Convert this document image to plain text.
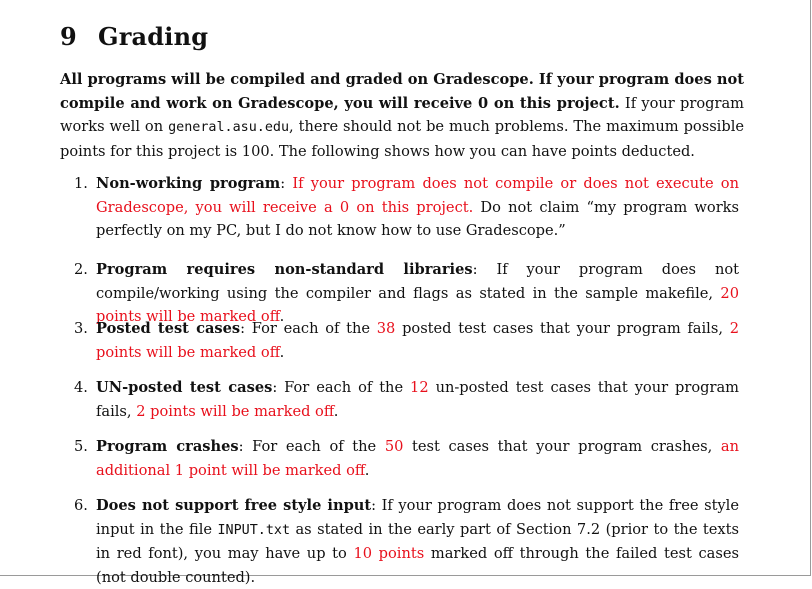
9 Grading

All programs will be compiled and graded on Gradescope. If your program does not compile and work on Gradescope, you will receive 0 on this project. If your program works well on general.asu.edu, there should not be much problems. The maximum possible points for this project is 100. The following shows how you can have points deducted.

1. Non-working program: If your program does not compile or does not execute on Gradescope, you will receive a 0 on this project. Do not claim “my program works perfectly on my PC, but I do not know how to use Gradescope.”
2. Program requires non-standard libraries: If your program does not compile/working using the compiler and flags as stated in the sample makefile, 20 points will be marked off.
3. Posted test cases: For each of the 38 posted test cases that your program fails, 2 points will be marked off.
4. UN-posted test cases: For each of the 12 un-posted test cases that your program fails, 2 points will be marked off.
5. Program crashes: For each of the 50 test cases that your program crashes, an additional 1 point will be marked off.
6. Does not support free style input: If your program does not support the free style input in the file INPUT.txt as stated in the early part of Section 7.2 (prior to the texts in red font), you may have up to 10 points marked off through the failed test cases (not double counted).
